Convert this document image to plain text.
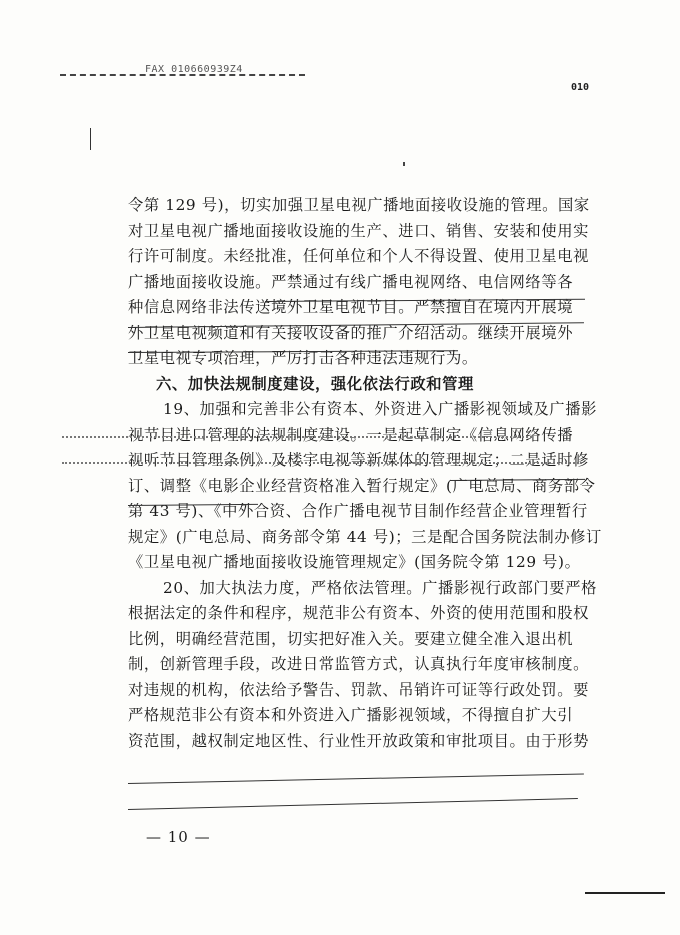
FAX 010660939Z4
010
令第 129 号)，切实加强卫星电视广播地面接收设施的管理。国家
对卫星电视广播地面接收设施的生产、进口、销售、安装和使用实
行许可制度。未经批准，任何单位和个人不得设置、使用卫星电视
广播地面接收设施。严禁通过有线广播电视网络、电信网络等各
种信息网络非法传送境外卫星电视节目。严禁擅自在境内开展境
外卫星电视频道和有关接收设备的推广介绍活动。继续开展境外
卫星电视专项治理，严厉打击各种违法违规行为。
六、加快法规制度建设，强化依法行政和管理
19、加强和完善非公有资本、外资进入广播影视领域及广播影
视节目进口管理的法规制度建设。一是起草制定《信息网络传播
视听节目管理条例》及楼宇电视等新媒体的管理规定；二是适时修
订、调整《电影企业经营资格准入暂行规定》(广电总局、商务部令
第 43 号)、《中外合资、合作广播电视节目制作经营企业管理暂行
规定》(广电总局、商务部令第 44 号)；三是配合国务院法制办修订
《卫星电视广播地面接收设施管理规定》(国务院令第 129 号)。
20、加大执法力度，严格依法管理。广播影视行政部门要严格
根据法定的条件和程序，规范非公有资本、外资的使用范围和股权
比例，明确经营范围，切实把好准入关。要建立健全准入退出机
制，创新管理手段，改进日常监管方式，认真执行年度审核制度。
对违规的机构，依法给予警告、罚款、吊销许可证等行政处罚。要
严格规范非公有资本和外资进入广播影视领域，不得擅自扩大引
资范围，越权制定地区性、行业性开放政策和审批项目。由于形势
— 10 —
